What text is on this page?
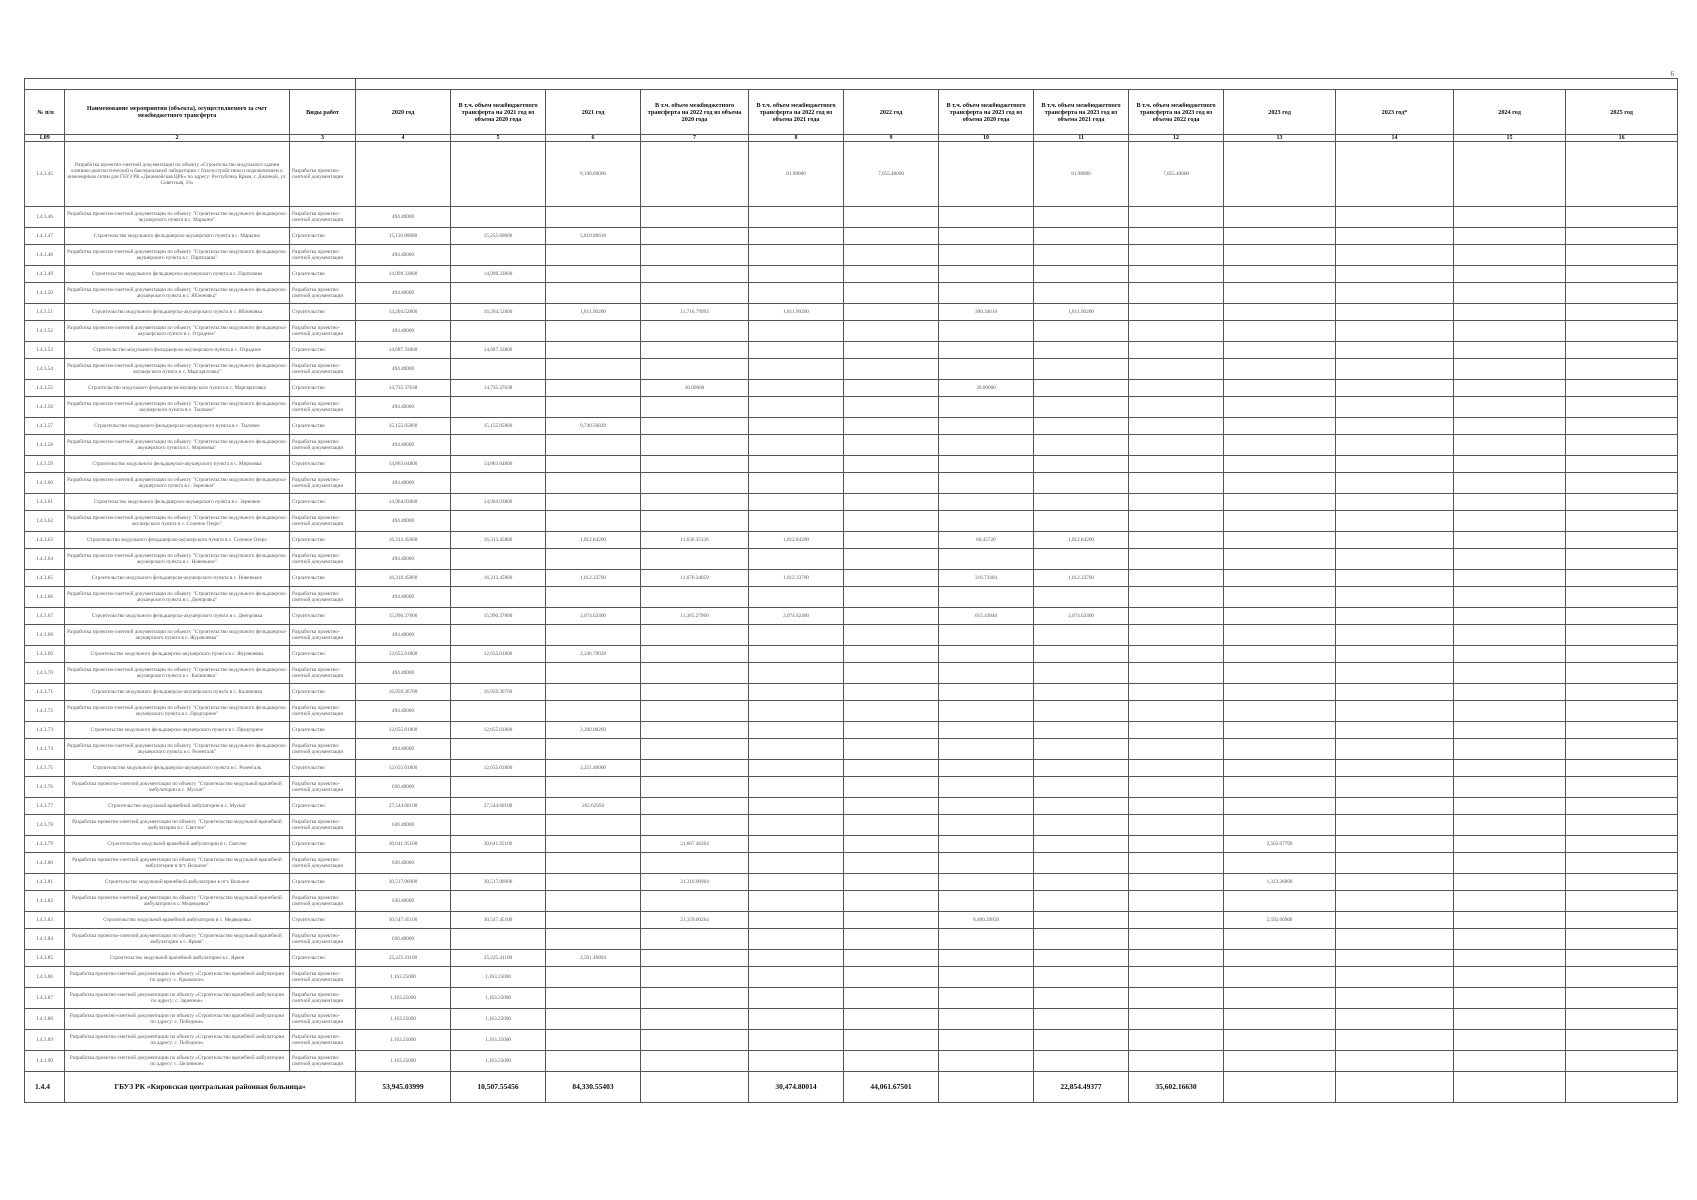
6

№ п/п	Наименование мероприятия (объекта), осуществляемого за счет межбюджетного трансферта	Виды работ	2020 год	В т.ч. объем межбюджетного трансферта на 2021 год из объема 2020 года	2021 год	В т.ч. объем межбюджетного трансферта на 2022 год из объема 2020 года	В т.ч. объем межбюджетного трансферта на 2022 год из объема 2021 года	2022 год	В т.ч. объем межбюджетного трансферта на 2023 год из объема 2020 года	В т.ч. объем межбюджетного трансферта на 2023 год из объема 2021 года	В т.ч. объем межбюджетного трансферта на 2023 год из объема 2022 года	2023 год	2023 год*	2024 год	2025 год
1.09	2	3	4	5	6	7	8	9	10	11	12	13	14	15	16
1.4.3.45	Разработка проектно-сметной документации по объекту «Строительство модульного здания клинико-диагностической и бактериальной лаборатории с благоустройством и подключением к инженерным сетям для ГБУЗ РК «Джанкойская ЦРБ» по адресу: Республика Крым, г. Джанкой, ул. Советская, 19»	Разработка проектно-сметной документации			8,198.00000		81.98000	7,055.40000		81.98000	7,055.40000				
1.4.3.46	Разработка проектно-сметной документации по объекту "Строительство модульного фельдшерско-акушерского пункта в с. Марьино"	Разработка проектно-сметной документации	494.40000												
1.4.3.47	Строительство модульного фельдшерско-акушерского пункта в с. Марьино	Строительство	15,110.80800	15,255.60000	5,810.86618										
1.4.3.48	Разработка проектно-сметной документации по объекту "Строительство модульного фельдшерско-акушерского пункта в с. Партизаны"	Разработка проектно-сметной документации	494.40000												
1.4.3.49	Строительство модульного фельдшерско-акушерского пункта в с. Партизаны	Строительство	14,998.33800	14,998.33800											
1.4.3.50	Разработка проектно-сметной документации по объекту "Строительство модульного фельдшерско-акушерского пункта в с. Яблоновка"	Разработка проектно-сметной документации	494.40000												
1.4.3.51	Строительство модульного фельдшерско-акушерского пункта в с. Яблоновка	Строительство	14,204.52800	16,204.52800	1,811.90200	11,716.79993	1,811.90200		300.34616	1,811.90200					
1.4.3.52	Разработка проектно-сметной документации по объекту "Строительство модульного фельдшерско-акушерского пункта в с. Отрадное"	Разработка проектно-сметной документации	494.40000												
1.4.3.53	Строительство модульного фельдшерско-акушерского пункта в с. Отрадное	Строительство	14,687.33800	14,687.33800											
1.4.3.54	Разработка проектно-сметной документации по объекту "Строительство модульного фельдшерско-акушерского пункта в с. Маргаритовка"	Разработка проектно-сметной документации	494.40000												
1.4.3.55	Строительство модульного фельдшерско-акушерского пункта в с. Маргаритовка	Строительство	14,735.37638	14,735.37638		30.00000			30.00000						
1.4.3.56	Разработка проектно-сметной документации по объекту "Строительство модульного фельдшерско-акушерского пункта в с. Тыловое"	Разработка проектно-сметной документации	494.40000												
1.4.3.57	Строительство модульного фельдшерско-акушерского пункта в с. Тыловое	Строительство	15,155.05800	15,155.05800	9,740.56829										
1.4.3.58	Разработка проектно-сметной документации по объекту "Строительство модульного фельдшерско-акушерского пункта в с. Мирновка"	Разработка проектно-сметной документации	494.40000												
1.4.3.59	Строительство модульного фельдшерско-акушерского пункта в с. Мирновка	Строительство	14,863.64800	14,863.64800											
1.4.3.60	Разработка проектно-сметной документации по объекту "Строительство модульного фельдшерско-акушерского пункта в с. Зерновое"	Разработка проектно-сметной документации	494.40000												
1.4.3.61	Строительство модульного фельдшерско-акушерского пункта в с. Зерновое	Строительство	14,964.93800	14,964.93800											
1.4.3.62	Разработка проектно-сметной документации по объекту "Строительство модульного фельдшерско-акушерского пункта в с. Соленое Озеро"	Разработка проектно-сметной документации	494.40000												
1.4.3.63	Строительство модульного фельдшерско-акушерского пункта в с. Соленое Озеро	Строительство	16,313.45800	16,313.45800	1,812.84200	11,636.35336	1,812.84200		60.45720	1,812.84200					
1.4.3.64	Разработка проектно-сметной документации по объекту "Строительство модульного фельдшерско-акушерского пункта в с. Новенькое"	Разработка проектно-сметной документации	494.40000												
1.4.3.65	Строительство модульного фельдшерско-акушерского пункта в с. Новенькое	Строительство	16,318.45800	16,313.45800	1,812.33700	11,676.34059	1,812.33700		316.73404	1,812.33700					
1.4.3.66	Разработка проектно-сметной документации по объекту "Строительство модульного фельдшерско-акушерского пункта в с. Днепровка"	Разработка проектно-сметной документации	494.40000												
1.4.3.67	Строительство модульного фельдшерско-акушерского пункта в с. Днепровка	Строительство	15,990.37800	15,990.37800	2,074.62400	11,365.27960	2,074.62400		615.43840	2,074.62400					
1.4.3.68	Разработка проектно-сметной документации по объекту "Строительство модульного фельдшерско-акушерского пункта в с. Журавлевка"	Разработка проектно-сметной документации	494.40000												
1.4.3.69	Строительство модульного фельдшерско-акушерского пункта в с. Журавлевка	Строительство	12,655.01800	12,655.01800	2,246.70028										
1.4.3.70	Разработка проектно-сметной документации по объекту "Строительство модульного фельдшерско-акушерского пункта в с. Калиновка"	Разработка проектно-сметной документации	494.40000												
1.4.3.71	Строительство модульного фельдшерско-акушерского пункта в с. Калиновка	Строительство	16,959.36700	16,959.36700											
1.4.3.72	Разработка проектно-сметной документации по объекту "Строительство модульного фельдшерско-акушерского пункта в с. Предгорное"	Разработка проектно-сметной документации	494.40000												
1.4.3.73	Строительство модульного фельдшерско-акушерского пункта в с. Предгорное	Строительство	12,655.01800	12,655.01800	2,200.00269										
1.4.3.74	Разработка проектно-сметной документации по объекту "Строительство модульного фельдшерско-акушерского пункта в с. Розенталь"	Разработка проектно-сметной документации	494.40000												
1.4.3.75	Строительство модульного фельдшерско-акушерского пункта в с. Розенталь	Строительство	12,655.01800	12,655.01800	2,251.40000										
1.4.3.76	Разработка проектно-сметной документации по объекту "Строительство модульной врачебной амбулатории в с. Мускат"	Разработка проектно-сметной документации	630.40000												
1.4.3.77	Строительство модульной врачебной амбулатории в с. Мускат	Строительство	27,544.60100	27,544.60100	202.62950										
1.4.3.78	Разработка проектно-сметной документации по объекту "Строительство модульной врачебной амбулатории в с. Светлое"	Разработка проектно-сметной документации	630.40000												
1.4.3.79	Строительство модульной врачебной амбулатории в с. Светлое	Строительство	30,641.95100	30,641.95100		21,667.46264						2,562.07700			
1.4.3.80	Разработка проектно-сметной документации по объекту "Строительство модульной врачебной амбулатории в пгт. Вольное"	Разработка проектно-сметной документации	630.40000												
1.4.3.81	Строительство модульной врачебной амбулатории в пгт. Вольное	Строительство	30,517.06900	30,517.06900		21,316.00964						1,313.36000			
1.4.3.82	Разработка проектно-сметной документации по объекту "Строительство модульной врачебной амбулатории в с. Медведевка"	Разработка проектно-сметной документации	630.40000												
1.4.3.83	Строительство модульной врачебной амбулатории в с. Медведевка	Строительство	30,547.45100	30,547.45100		21,359.00264			8,400.39850			2,592.00900			
1.4.3.84	Разработка проектно-сметной документации по объекту "Строительство модульной врачебной амбулатории в с. Ярков"	Разработка проектно-сметной документации	630.40000												
1.4.3.85	Строительство модульной врачебной амбулатории в с. Ярков	Строительство	25,225.41100	25,225.41100	2,501.46804										
1.4.3.86	Разработка проектно-сметной документации по объекту «Строительство врачебной амбулатории по адресу: с. Крымское»	Разработка проектно-сметной документации	1,163.25000	1,163.25000											
1.4.3.87	Разработка проектно-сметной документации по объекту «Строительство врачебной амбулатории по адресу: с. Заречное»	Разработка проектно-сметной документации	1,163.25000	1,163.25000											
1.4.3.88	Разработка проектно-сметной документации по объекту «Строительство врачебной амбулатории по адресу: с. Победное»	Разработка проектно-сметной документации	1,163.25000	1,163.25000											
1.4.3.89	Разработка проектно-сметной документации по объекту «Строительство врачебной амбулатории по адресу: с. Победное»	Разработка проектно-сметной документации	1,163.25000	1,163.25000											
1.4.3.90	Разработка проектно-сметной документации по объекту «Строительство врачебной амбулатории по адресу: с. Целинное»	Разработка проектно-сметной документации	1,163.25000	1,163.25000											
1.4.4	ГБУЗ РК «Кировская центральная районная больница»		53,945.03999	10,507.55456	84,330.55403		30,474.80014	44,061.67501		22,854.49377	35,602.16630				
